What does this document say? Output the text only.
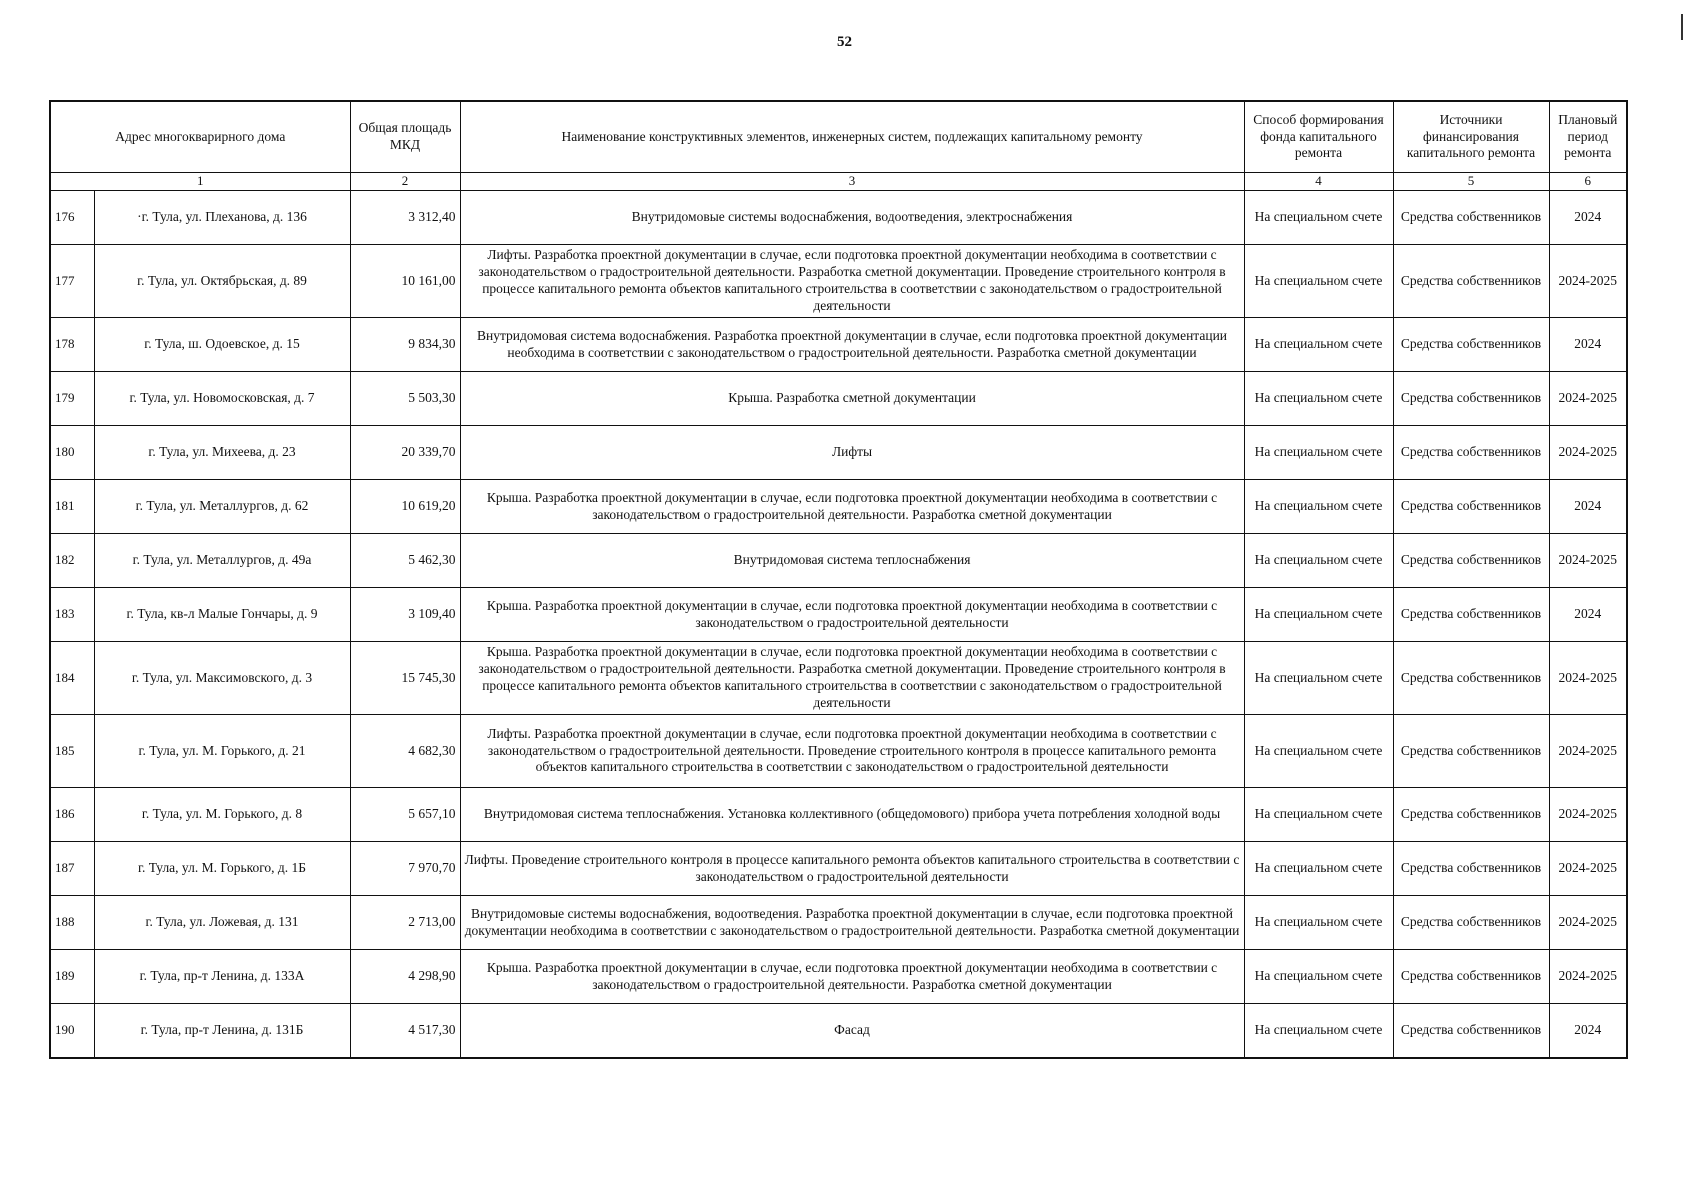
52
Адрес многокварирного дома		Общая площадь МКД	Наименование конструктивных элементов, инженерных систем, подлежащих капитальному ремонту	Способ формирования фонда капитального ремонта	Источники финансирования капитального ремонта	Плановый период ремонта
1		2	3	4	5	6
176	·г. Тула, ул. Плеханова, д. 136	3 312,40	Внутридомовые системы водоснабжения, водоотведения, электроснабжения	На специальном счете	Средства собственников	2024
177	г. Тула, ул. Октябрьская, д. 89	10 161,00	Лифты. Разработка проектной документации в случае, если подготовка проектной документации необходима в соответствии с законодательством о градостроительной деятельности. Разработка сметной документации. Проведение строительного контроля в процессе капитального ремонта объектов капитального строительства в соответствии с законодательством о градостроительной деятельности	На специальном счете	Средства собственников	2024-2025
178	г. Тула, ш. Одоевское, д. 15	9 834,30	Внутридомовая система водоснабжения. Разработка проектной документации в случае, если подготовка проектной документации необходима в соответствии с законодательством о градостроительной деятельности. Разработка сметной документации	На специальном счете	Средства собственников	2024
179	г. Тула, ул. Новомосковская, д. 7	5 503,30	Крыша. Разработка сметной документации	На специальном счете	Средства собственников	2024-2025
180	г. Тула, ул. Михеева, д. 23	20 339,70	Лифты	На специальном счете	Средства собственников	2024-2025
181	г. Тула, ул. Металлургов, д. 62	10 619,20	Крыша. Разработка проектной документации в случае, если подготовка проектной документации необходима в соответствии с законодательством о градостроительной деятельности. Разработка сметной документации	На специальном счете	Средства собственников	2024
182	г. Тула, ул. Металлургов, д. 49а	5 462,30	Внутридомовая система теплоснабжения	На специальном счете	Средства собственников	2024-2025
183	г. Тула, кв-л Малые Гончары, д. 9	3 109,40	Крыша. Разработка проектной документации в случае, если подготовка проектной документации необходима в соответствии с законодательством о градостроительной деятельности	На специальном счете	Средства собственников	2024
184	г. Тула, ул. Максимовского, д. 3	15 745,30	Крыша. Разработка проектной документации в случае, если подготовка проектной документации необходима в соответствии с законодательством о градостроительной деятельности. Разработка сметной документации. Проведение строительного контроля в процессе капитального ремонта объектов капитального строительства в соответствии с законодательством о градостроительной деятельности	На специальном счете	Средства собственников	2024-2025
185	г. Тула, ул. М. Горького, д. 21	4 682,30	Лифты. Разработка проектной документации в случае, если подготовка проектной документации необходима в соответствии с законодательством о градостроительной деятельности. Проведение строительного контроля в процессе капитального ремонта объектов капитального строительства в соответствии с законодательством о градостроительной деятельности	На специальном счете	Средства собственников	2024-2025
186	г. Тула, ул. М. Горького, д. 8	5 657,10	Внутридомовая система теплоснабжения. Установка коллективного (общедомового) прибора учета потребления холодной воды	На специальном счете	Средства собственников	2024-2025
187	г. Тула, ул. М. Горького, д. 1Б	7 970,70	Лифты. Проведение строительного контроля в процессе капитального ремонта объектов капитального строительства в соответствии с законодательством о градостроительной деятельности	На специальном счете	Средства собственников	2024-2025
188	г. Тула, ул. Ложевая, д. 131	2 713,00	Внутридомовые системы водоснабжения, водоотведения. Разработка проектной документации в случае, если подготовка проектной документации необходима в соответствии с законодательством о градостроительной деятельности. Разработка сметной документации	На специальном счете	Средства собственников	2024-2025
189	г. Тула, пр-т Ленина, д. 133А	4 298,90	Крыша. Разработка проектной документации в случае, если подготовка проектной документации необходима в соответствии с законодательством о градостроительной деятельности. Разработка сметной документации	На специальном счете	Средства собственников	2024-2025
190	г. Тула, пр-т Ленина, д. 131Б	4 517,30	Фасад	На специальном счете	Средства собственников	2024
